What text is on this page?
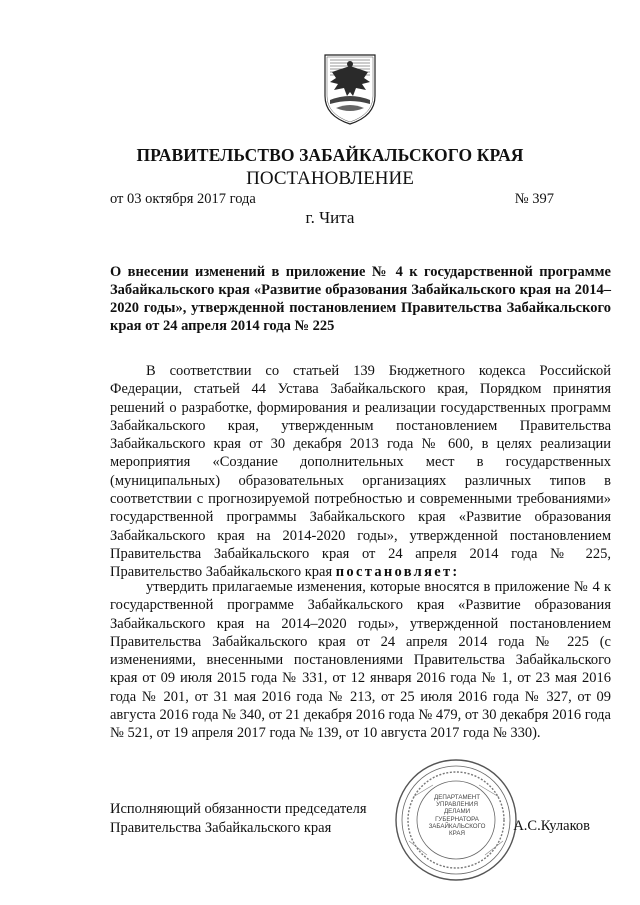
ПРАВИТЕЛЬСТВО ЗАБАЙКАЛЬСКОГО КРАЯ
ПОСТАНОВЛЕНИЕ
от 03 октября 2017 года	№ 397
г. Чита
О внесении изменений в приложение № 4 к государственной программе Забайкальского края «Развитие образования Забайкальского края на 2014–2020 годы», утвержденной постановлением Правительства Забайкальского края от 24 апреля 2014 года № 225
В соответствии со статьей 139 Бюджетного кодекса Российской Федерации, статьей 44 Устава Забайкальского края, Порядком принятия решений о разработке, формирования и реализации государственных программ Забайкальского края, утвержденным постановлением Правительства Забайкальского края от 30 декабря 2013 года № 600, в целях реализации мероприятия «Создание дополнительных мест в государственных (муниципальных) образовательных организациях различных типов в соответствии с прогнозируемой потребностью и современными требованиями» государственной программы Забайкальского края «Развитие образования Забайкальского края на 2014-2020 годы», утвержденной постановлением Правительства Забайкальского края от 24 апреля 2014 года № 225, Правительство Забайкальского края постановляет:
утвердить прилагаемые изменения, которые вносятся в приложение № 4 к государственной программе Забайкальского края «Развитие образования Забайкальского края на 2014–2020 годы», утвержденной постановлением Правительства Забайкальского края от 24 апреля 2014 года № 225 (с изменениями, внесенными постановлениями Правительства Забайкальского края от 09 июля 2015 года № 331, от 12 января 2016 года № 1, от 23 мая 2016 года № 201, от 31 мая 2016 года № 213, от 25 июля 2016 года № 327, от 09 августа 2016 года № 340, от 21 декабря 2016 года № 479, от 30 декабря 2016 года № 521, от 19 апреля 2017 года № 139, от 10 августа 2017 года № 330).
Исполняющий обязанности председателя
Правительства Забайкальского края
ДЕПАРТАМЕНТ УПРАВЛЕНИЯ ДЕЛАМИ ГУБЕРНАТОРА ЗАБАЙКАЛЬСКОГО КРАЯ	А.С.Кулаков
